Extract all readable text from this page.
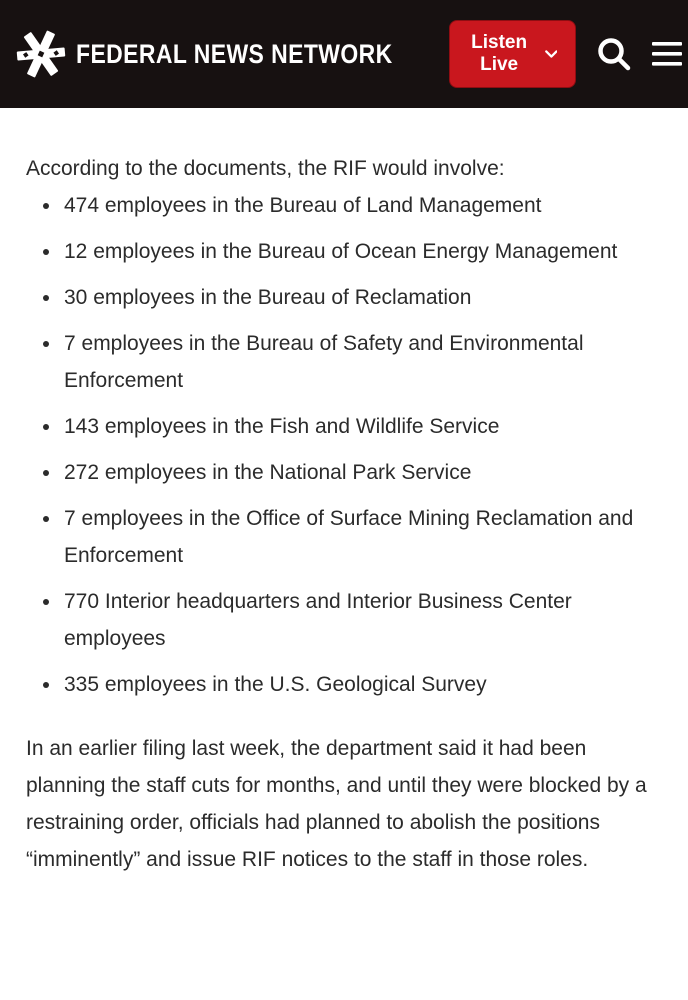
FEDERAL NEWS NETWORK	Listen Live

According to the documents, the RIF would involve:

• 474 employees in the Bureau of Land Management
• 12 employees in the Bureau of Ocean Energy Management
• 30 employees in the Bureau of Reclamation
• 7 employees in the Bureau of Safety and Environmental Enforcement
• 143 employees in the Fish and Wildlife Service
• 272 employees in the National Park Service
• 7 employees in the Office of Surface Mining Reclamation and Enforcement
• 770 Interior headquarters and Interior Business Center employees
• 335 employees in the U.S. Geological Survey

In an earlier filing last week, the department said it had been planning the staff cuts for months, and until they were blocked by a restraining order, officials had planned to abolish the positions “imminently” and issue RIF notices to the staff in those roles.
